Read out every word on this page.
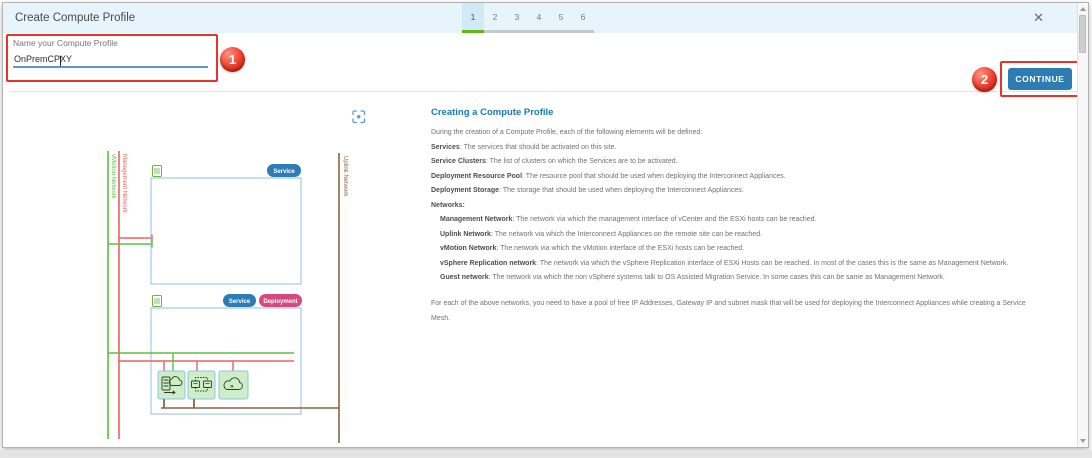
Create Compute Profile	1	2	3	4	5	6	✕
Name your Compute Profile
OnPremCPXY
CONTINUE
1
2
vMotion Network Management Network	Uplink Network
Service
Service Deployment
»
Creating a Compute Profile
During the creation of a Compute Profile, each of the following elements will be defined:
Services: The services that should be activated on this site.
Service Clusters: The list of clusters on which the Services are to be activated.
Deployment Resource Pool: The resource pool that should be used when deploying the Interconnect Appliances.
Deployment Storage: The storage that should be used when deploying the Interconnect Appliances.
Networks:
Management Network: The network via which the management interface of vCenter and the ESXi hosts can be reached.
Uplink Network: The network via which the Interconnect Appliances on the remote site can be reached.
vMotion Network: The network via which the vMotion interface of the ESXi hosts can be reached.
vSphere Replication network: The network via which the vSphere Replication interface of ESXi Hosts can be reached. In most of the cases this is the same as Management Network.
Guest network: The network via which the non vSphere systems talk to OS Assisted Migration Service. In some cases this can be same as Management Network.
For each of the above networks, you need to have a pool of free IP Addresses, Gateway IP and subnet mask that will be used for deploying the Interconnect Appliances while creating a Service Mesh.
